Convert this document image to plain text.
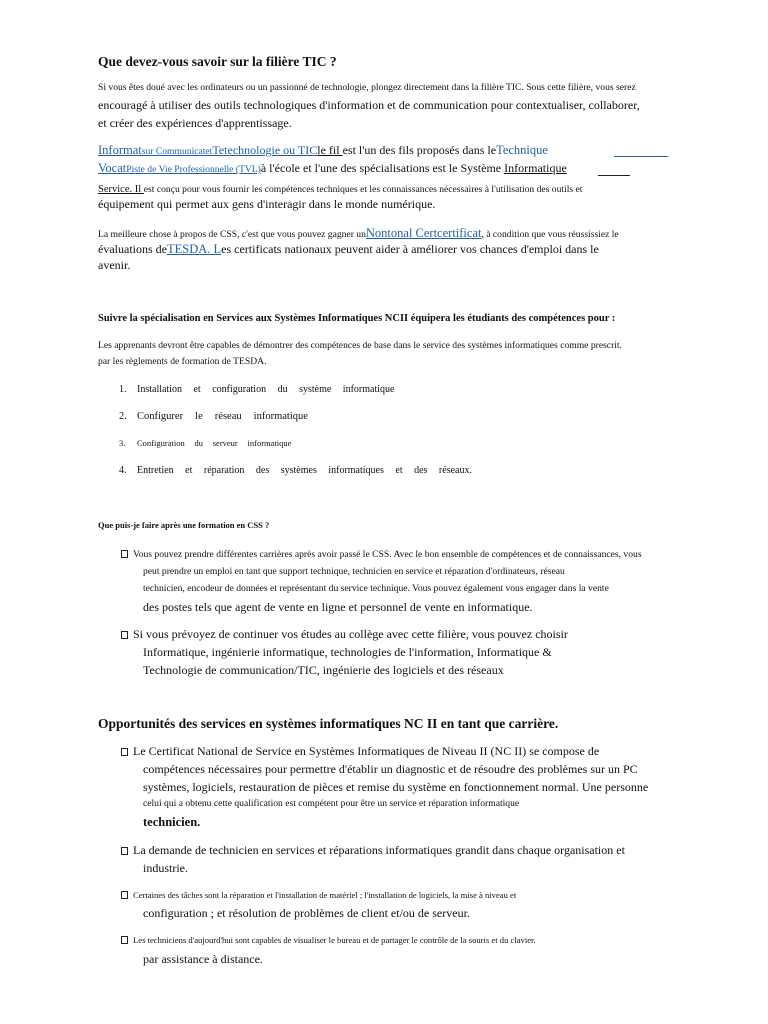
Que devez-vous savoir sur la filière TIC ?
Si vous êtes doué avec les ordinateurs ou un passionné de technologie, plongez directement dans la filière TIC. Sous cette filière, vous serez
encouragé à utiliser des outils technologiques d'information et de communication pour contextualiser, collaborer,
et créer des expériences d'apprentissage.
Informatsur CommunicatetTetechnologie ou TICle fil est l'un des fils proposés dans leTechnique
VocatPiste de Vie Professionnelle (TVL)à l'école et l'une des spécialisations est le Système Informatique
Service. Il est conçu pour vous fournir les compétences techniques et les connaissances nécessaires à l'utilisation des outils et
équipement qui permet aux gens d'interagir dans le monde numérique.
La meilleure chose à propos de CSS, c'est que vous pouvez gagner unNontonal Certcertificat, à condition que vous réussissiez le
évaluations deTESDA. Les certificats nationaux peuvent aider à améliorer vos chances d'emploi dans le
avenir.
Suivre la spécialisation en Services aux Systèmes Informatiques NCII équipera les étudiants des compétences pour :
Les apprenants devront être capables de démontrer des compétences de base dans le service des systèmes informatiques comme prescrit.
par les règlements de formation de TESDA.
1. Installation et configuration du système informatique
2. Configurer le réseau informatique
3. Configuration du serveur informatique
4. Entretien et réparation des systèmes informatiques et des réseaux.
Que puis-je faire après une formation en CSS ?
Vous pouvez prendre différentes carrières après avoir passé le CSS. Avec le bon ensemble de compétences et de connaissances, vous
peut prendre un emploi en tant que support technique, technicien en service et réparation d'ordinateurs, réseau
technicien, encodeur de données et représentant du service technique. Vous pouvez également vous engager dans la vente
des postes tels que agent de vente en ligne et personnel de vente en informatique.
Si vous prévoyez de continuer vos études au collège avec cette filière, vous pouvez choisir
Informatique, ingénierie informatique, technologies de l'information, Informatique &
Technologie de communication/TIC, ingénierie des logiciels et des réseaux
Opportunités des services en systèmes informatiques NC II en tant que carrière.
Le Certificat National de Service en Systèmes Informatiques de Niveau II (NC II) se compose de
compétences nécessaires pour permettre d'établir un diagnostic et de résoudre des problèmes sur un PC
systèmes, logiciels, restauration de pièces et remise du système en fonctionnement normal. Une personne
celui qui a obtenu cette qualification est compétent pour être un service et réparation informatique
technicien.
La demande de technicien en services et réparations informatiques grandit dans chaque organisation et
industrie.
Certaines des tâches sont la réparation et l'installation de matériel ; l'installation de logiciels, la mise à niveau et
configuration ; et résolution de problèmes de client et/ou de serveur.
Les techniciens d'aujourd'hui sont capables de visualiser le bureau et de partager le contrôle de la souris et du clavier.
par assistance à distance.
